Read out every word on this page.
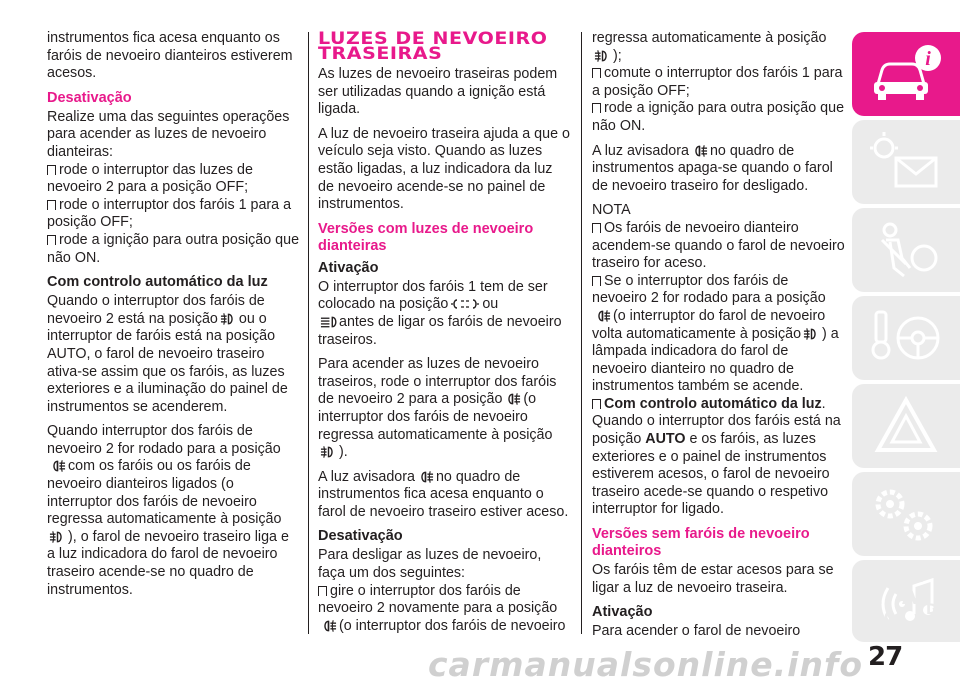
instrumentos fica acesa enquanto os faróis de nevoeiro dianteiros estiverem acesos.

Desativação

Realize uma das seguintes operações para acender as luzes de nevoeiro dianteiras:

rode o interruptor das luzes de nevoeiro 2 para a posição OFF;

rode o interruptor dos faróis 1 para a posição OFF;

rode a ignição para outra posição que não ON.

Com controlo automático da luz

Quando o interruptor dos faróis de nevoeiro 2 está na posição ou o interruptor de faróis está na posição AUTO, o farol de nevoeiro traseiro ativa-se assim que os faróis, as luzes exteriores e a iluminação do painel de instrumentos se acenderem.

Quando interruptor dos faróis de nevoeiro 2 for rodado para a posição
com os faróis ou os faróis de nevoeiro dianteiros ligados (o interruptor dos faróis de nevoeiro regressa automaticamente à posição), o farol de nevoeiro traseiro liga e a luz indicadora do farol de nevoeiro traseiro acende-se no quadro de instrumentos.

LUZES DE NEVOEIRO TRASEIRAS

As luzes de nevoeiro traseiras podem ser utilizadas quando a ignição está ligada.

A luz de nevoeiro traseira ajuda a que o veículo seja visto. Quando as luzes estão ligadas, a luz indicadora da luz de nevoeiro acende-se no painel de instrumentos.

Versões com luzes de nevoeiro dianteiras
Ativação

O interruptor dos faróis 1 tem de ser colocado na posição ou
antes de ligar os faróis de nevoeiro traseiros.

Para acender as luzes de nevoeiro traseiros, rode o interruptor dos faróis de nevoeiro 2 para a posição (o interruptor dos faróis de nevoeiro regressa automaticamente à posição
).

A luz avisadora no quadro de instrumentos fica acesa enquanto o farol de nevoeiro traseiro estiver aceso.

Desativação

Para desligar as luzes de nevoeiro, faça um dos seguintes:

gire o interruptor dos faróis de nevoeiro 2 novamente para a posição
(o interruptor dos faróis de nevoeiro

regressa automaticamente à posição
);

comute o interruptor dos faróis 1 para a posição OFF;

rode a ignição para outra posição que não ON.

A luz avisadora no quadro de instrumentos apaga-se quando o farol de nevoeiro traseiro for desligado.

NOTA

Os faróis de nevoeiro dianteiro acendem-se quando o farol de nevoeiro traseiro for aceso.

Se o interruptor dos faróis de nevoeiro 2 for rodado para a posição
(o interruptor do farol de nevoeiro volta automaticamente à posição ) a lâmpada indicadora do farol de nevoeiro dianteiro no quadro de instrumentos também se acende.

Com controlo automático da luz.
Quando o interruptor dos faróis está na posição AUTO e os faróis, as luzes exteriores e o painel de instrumentos estiverem acesos, o farol de nevoeiro traseiro acede-se quando o respetivo interruptor for ligado.

Versões sem faróis de nevoeiro dianteiros

Os faróis têm de estar acesos para se ligar a luz de nevoeiro traseira.

Ativação

Para acender o farol de nevoeiro

i
Z E
B A
C D
carmanualsonline.info 27
